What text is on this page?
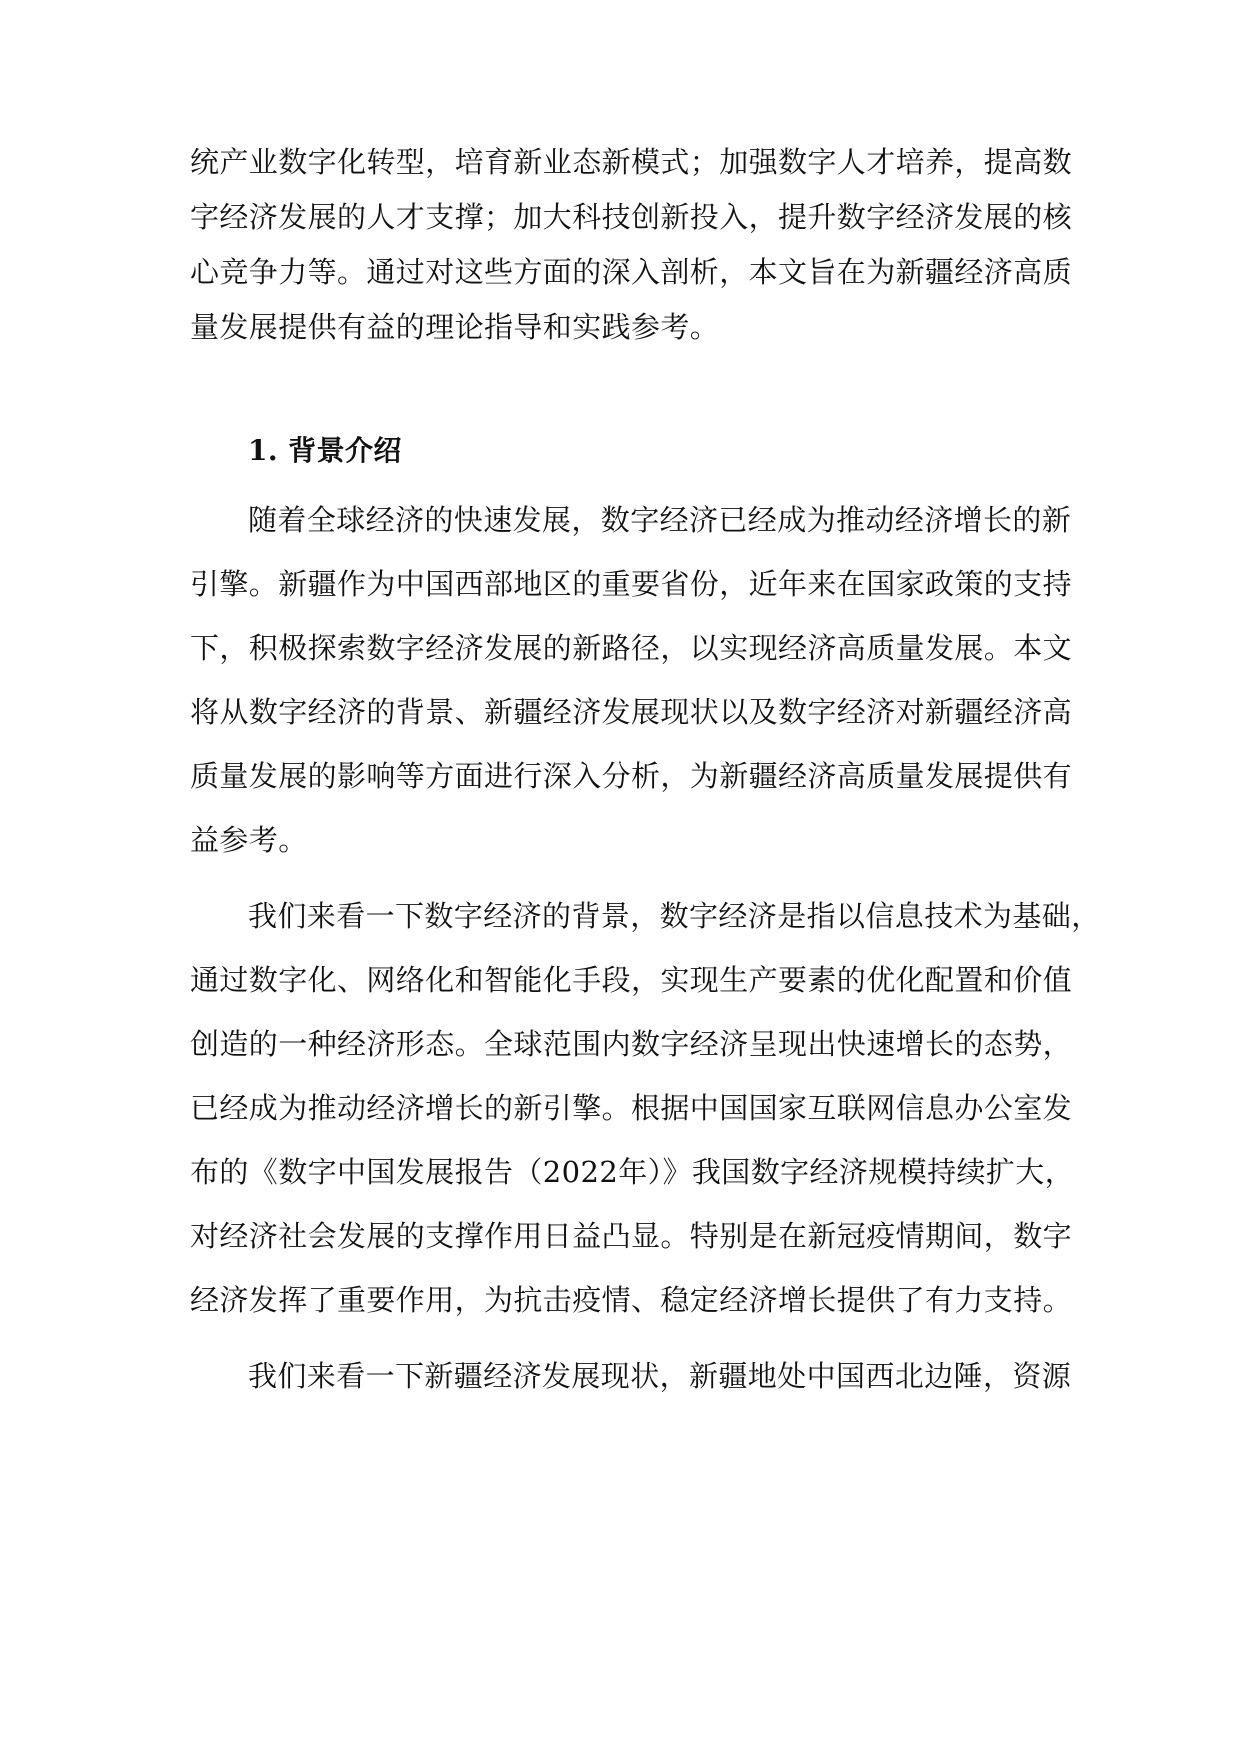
统产业数字化转型，培育新业态新模式；加强数字人才培养，提高数
字经济发展的人才支撑；加大科技创新投入，提升数字经济发展的核
心竞争力等。通过对这些方面的深入剖析，本文旨在为新疆经济高质
量发展提供有益的理论指导和实践参考。
1. 背景介绍
随着全球经济的快速发展，数字经济已经成为推动经济增长的新
引擎。新疆作为中国西部地区的重要省份，近年来在国家政策的支持
下，积极探索数字经济发展的新路径，以实现经济高质量发展。本文
将从数字经济的背景、新疆经济发展现状以及数字经济对新疆经济高
质量发展的影响等方面进行深入分析，为新疆经济高质量发展提供有
益参考。
我们来看一下数字经济的背景，数字经济是指以信息技术为基础，
通过数字化、网络化和智能化手段，实现生产要素的优化配置和价值
创造的一种经济形态。全球范围内数字经济呈现出快速增长的态势，
已经成为推动经济增长的新引擎。根据中国国家互联网信息办公室发
布的《数字中国发展报告（2022年）》我国数字经济规模持续扩大，
对经济社会发展的支撑作用日益凸显。特别是在新冠疫情期间，数字
经济发挥了重要作用，为抗击疫情、稳定经济增长提供了有力支持。
我们来看一下新疆经济发展现状，新疆地处中国西北边陲，资源
